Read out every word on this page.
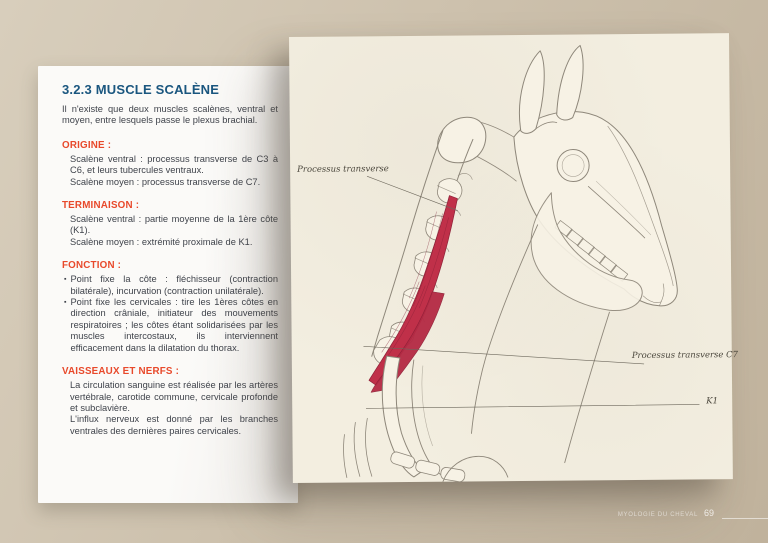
3.2.3 MUSCLE SCALÈNE

Il n'existe que deux muscles scalènes, ventral et moyen, entre lesquels passe le plexus brachial.

ORIGINE :

Scalène ventral : processus transverse de C3 à C6, et leurs tubercules ventraux.

Scalène moyen : processus transverse de C7.

TERMINAISON :

Scalène ventral : partie moyenne de la 1ère côte (K1).

Scalène moyen : extrémité proximale de K1.

FONCTION :
▪ Point fixe la côte : fléchisseur (contraction bilatérale), incurvation (contraction unilatérale).

▪ Point fixe les cervicales : tire les 1ères côtes en direction crâniale, initiateur des mouvements respiratoires ; les côtes étant solidarisées par les muscles intercostaux, ils interviennent efficacement dans la dilatation du thorax.

VAISSEAUX ET NERFS :

La circulation sanguine est réalisée par les artères vertébrale, carotide commune, cervicale profonde et subclavière.

L'influx nerveux est donné par les branches ventrales des dernières paires cervicales.

Processus transverse
Processus transverse C7
K1
MYOLOGIE DU CHEVAL 69
